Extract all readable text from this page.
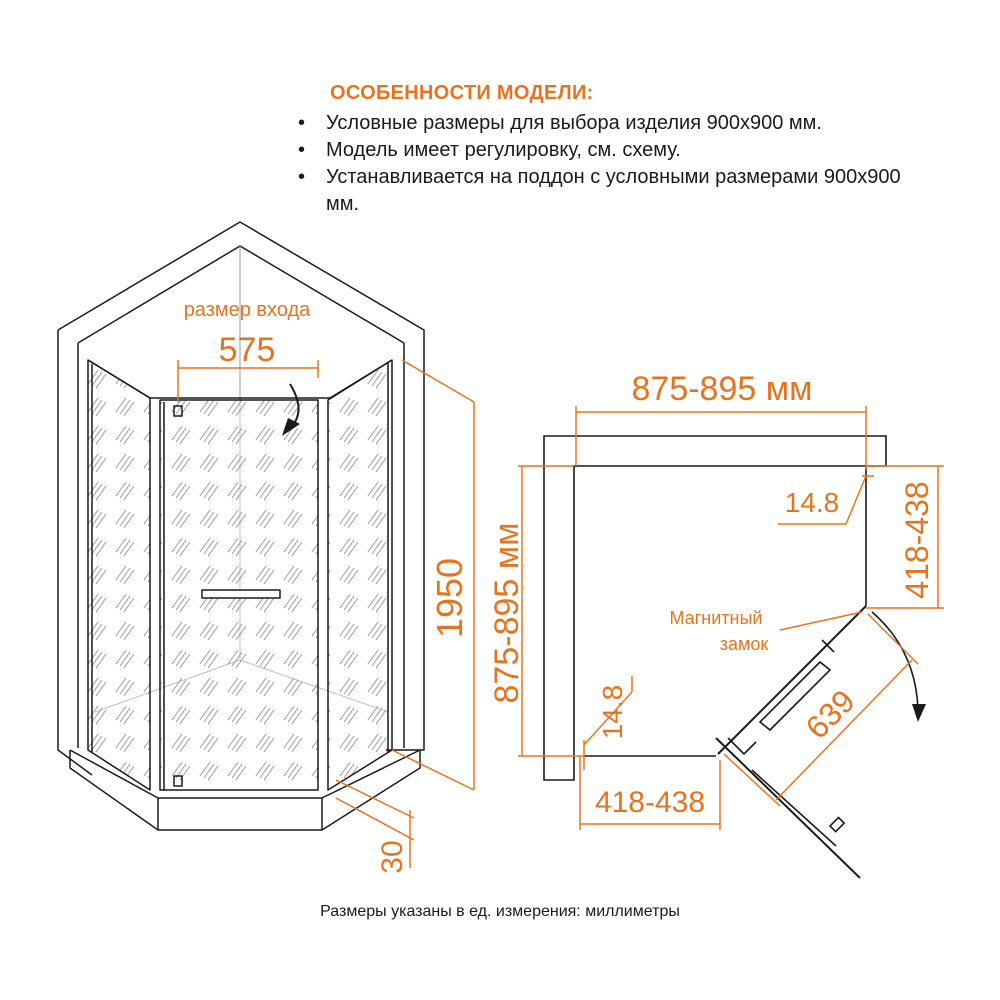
ОСОБЕННОСТИ МОДЕЛИ:
• Условные размеры для выбора изделия 900х900 мм.
• Модель имеет регулировку, см. схему.
• Устанавливается на поддон с условными размерами 900х900 мм.
размер входа
575
1950
30
875-895 мм
875-895 мм	418-438
14.8
14.8
418-438
639
Магнитный
замок

Размеры указаны в ед. измерения: миллиметры
